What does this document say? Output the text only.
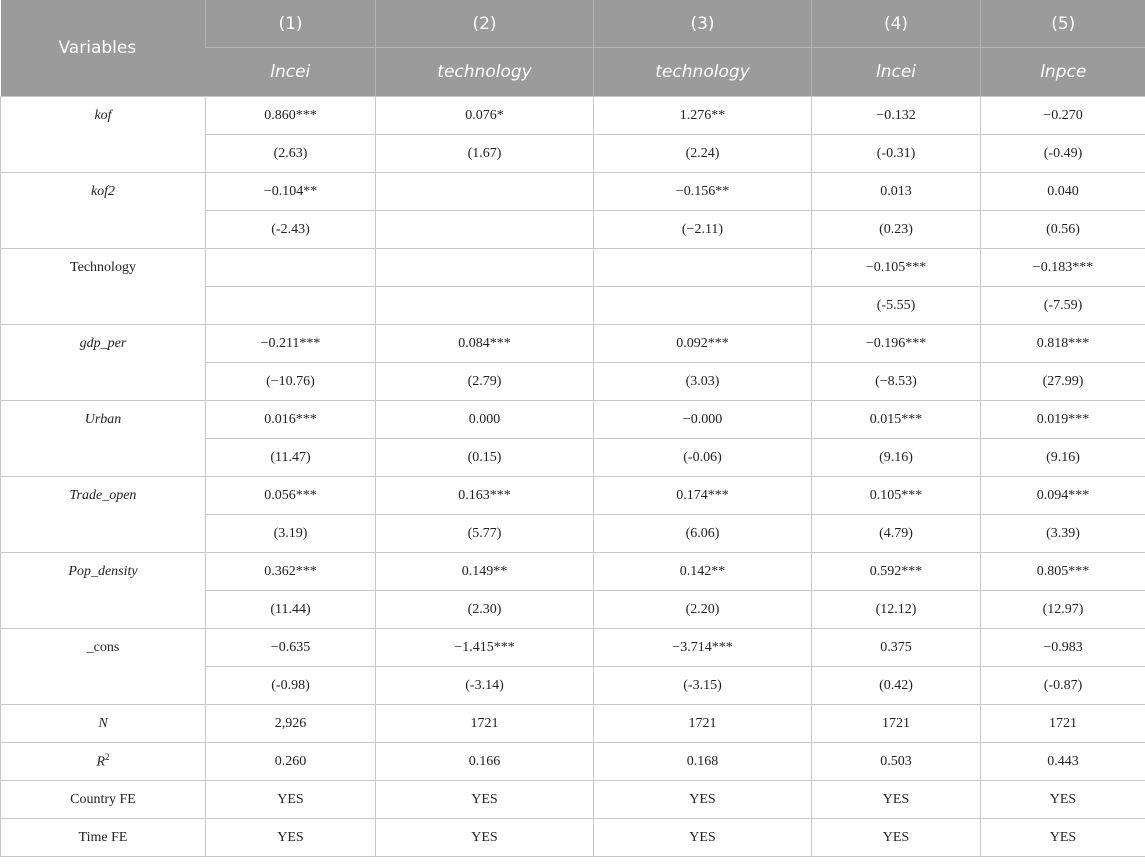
Variables	(1)	(2)	(3)	(4)	(5)
	lncei	technology	technology	lncei	lnpce
kof	0.860***	0.076*	1.276**	−0.132	−0.270
	(2.63)	(1.67)	(2.24)	(-0.31)	(-0.49)
kof2	−0.104**		−0.156**	0.013	0.040
	(-2.43)		(−2.11)	(0.23)	(0.56)
Technology				−0.105***	−0.183***
				(-5.55)	(-7.59)
gdp_per	−0.211***	0.084***	0.092***	−0.196***	0.818***
	(−10.76)	(2.79)	(3.03)	(−8.53)	(27.99)
Urban	0.016***	0.000	−0.000	0.015***	0.019***
	(11.47)	(0.15)	(-0.06)	(9.16)	(9.16)
Trade_open	0.056***	0.163***	0.174***	0.105***	0.094***
	(3.19)	(5.77)	(6.06)	(4.79)	(3.39)
Pop_density	0.362***	0.149**	0.142**	0.592***	0.805***
	(11.44)	(2.30)	(2.20)	(12.12)	(12.97)
_cons	−0.635	−1.415***	−3.714***	0.375	−0.983
	(-0.98)	(-3.14)	(-3.15)	(0.42)	(-0.87)
N	2,926	1721	1721	1721	1721
$R^2$	0.260	0.166	0.168	0.503	0.443
Country FE	YES	YES	YES	YES	YES
Time FE	YES	YES	YES	YES	YES
